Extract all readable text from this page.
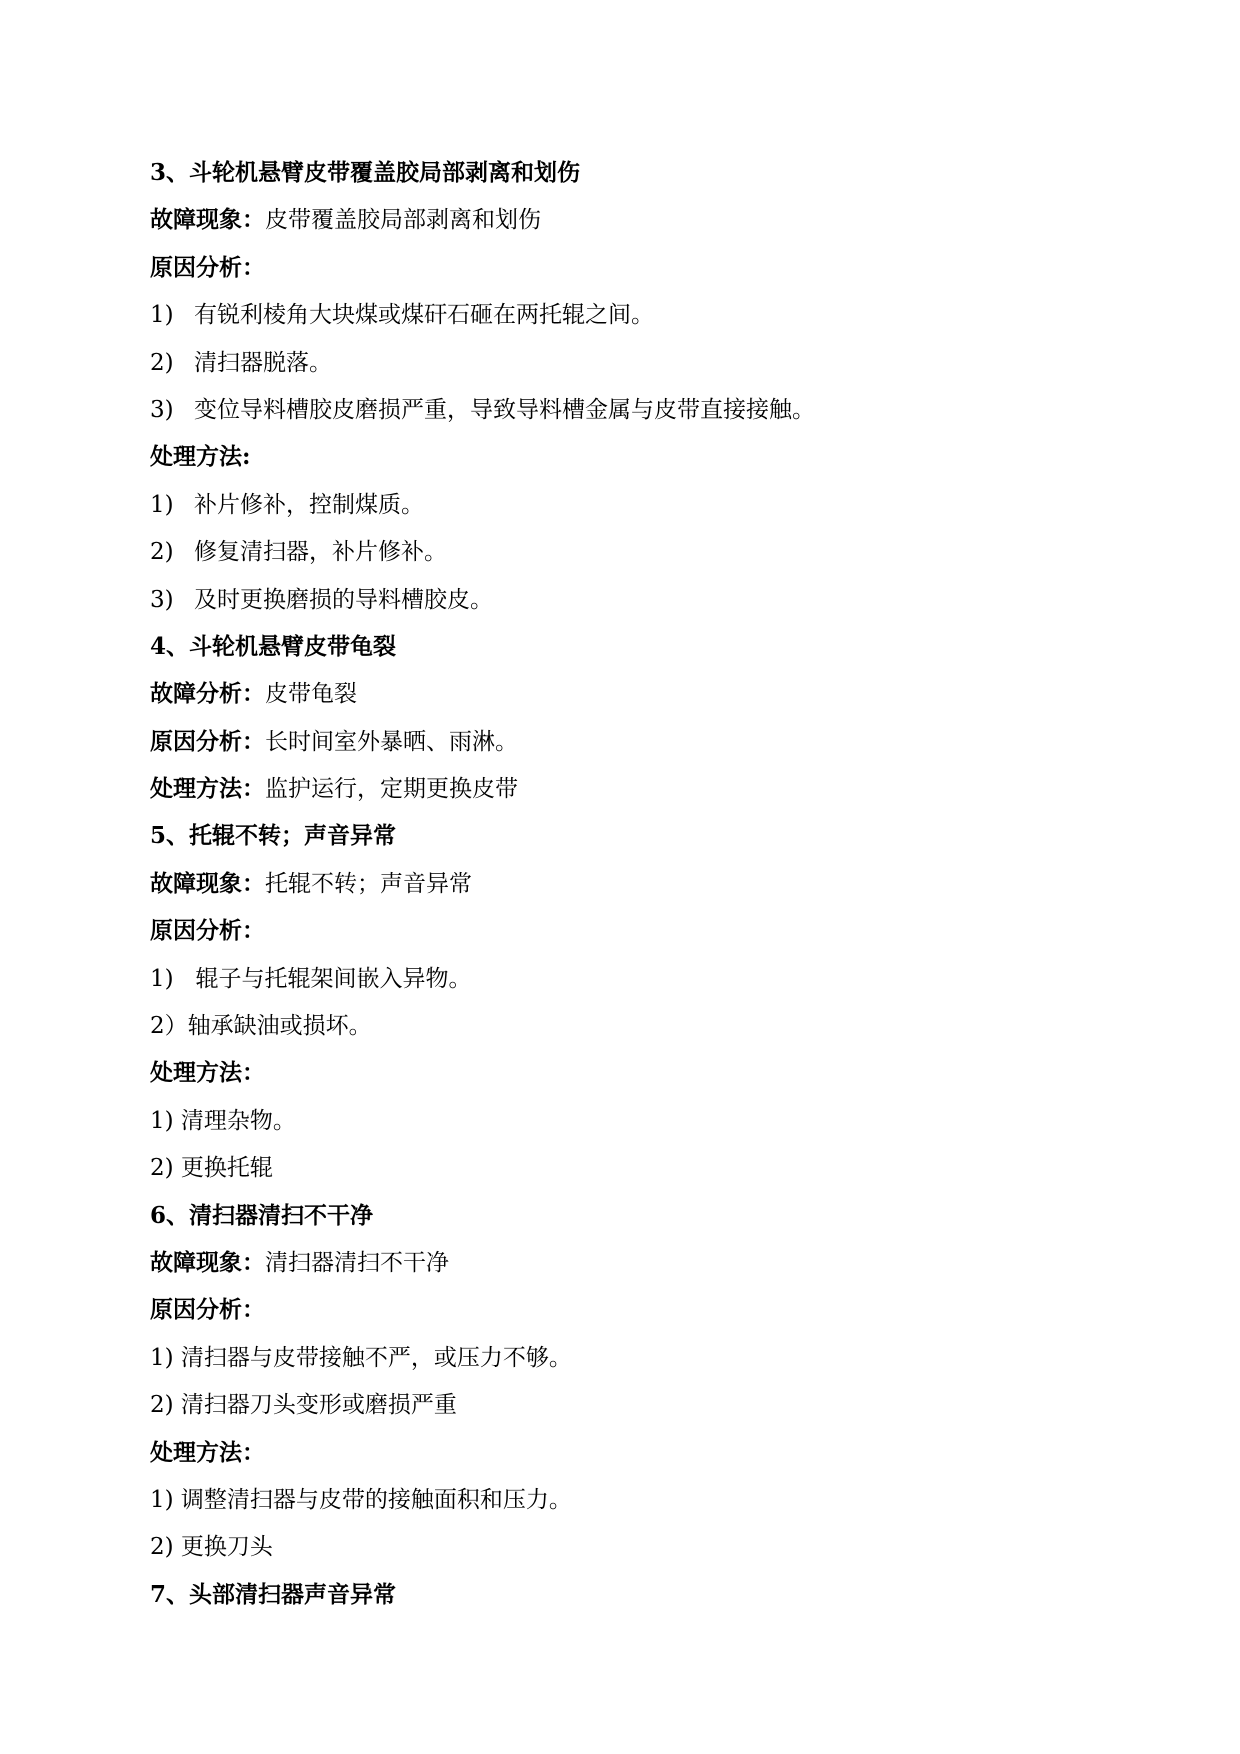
3、斗轮机悬臂皮带覆盖胶局部剥离和划伤
故障现象：皮带覆盖胶局部剥离和划伤
原因分析：
1) 有锐利棱角大块煤或煤矸石砸在两托辊之间。
2) 清扫器脱落。
3) 变位导料槽胶皮磨损严重，导致导料槽金属与皮带直接接触。
处理方法:
1) 补片修补，控制煤质。
2) 修复清扫器，补片修补。
3) 及时更换磨损的导料槽胶皮。
4、斗轮机悬臂皮带龟裂
故障分析：皮带龟裂
原因分析：长时间室外暴晒、雨淋。
处理方法：监护运行，定期更换皮带
5、托辊不转；声音异常
故障现象：托辊不转；声音异常
原因分析：
1)   辊子与托辊架间嵌入异物。
2）轴承缺油或损坏。
处理方法：
1) 清理杂物。
2) 更换托辊
6、清扫器清扫不干净
故障现象：清扫器清扫不干净
原因分析：
1) 清扫器与皮带接触不严，或压力不够。
2) 清扫器刀头变形或磨损严重
处理方法：
1) 调整清扫器与皮带的接触面积和压力。
2) 更换刀头
7、头部清扫器声音异常
